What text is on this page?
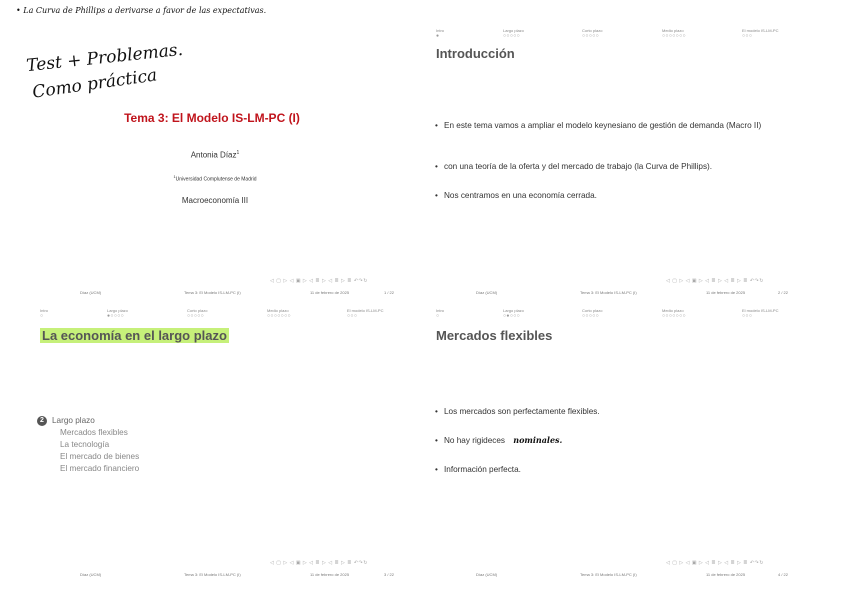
• La Curva de Phillips a derivarse a favor de las expectativas.
Test + Problemas.
Como práctica
Tema 3: El Modelo IS-LM-PC (I)
Antonia Díaz$^1$
$^1$Universidad Complutense de Madrid
Macroeconomía III
◁ ▢ ▷ ◁ ▣ ▷ ◁ ≣ ▷ ◁ ≣ ▷ ≣ ↶↷↻
Díaz (UCM)	Tema 3: El Modelo IS-LM-PC (I)	11 de febrero de 2025	1 / 22
Intro
●
Largo plazo
○○○○○
Corto plazo
○○○○○
Medio plazo
○○○○○○○
El modelo IS-LM-PC
○○○
Introducción
• En este tema vamos a ampliar el modelo keynesiano de gestión de demanda (Macro II)
• con una teoría de la oferta y del mercado de trabajo (la Curva de Phillips).
• Nos centramos en una economía cerrada.
◁ ▢ ▷ ◁ ▣ ▷ ◁ ≣ ▷ ◁ ≣ ▷ ≣ ↶↷↻
Díaz (UCM)	Tema 3: El Modelo IS-LM-PC (I)	11 de febrero de 2025	2 / 22
Intro
○
Largo plazo
●○○○○
Corto plazo
○○○○○
Medio plazo
○○○○○○○
El modelo IS-LM-PC
○○○
La economía en el largo plazo
2 Largo plazo
Mercados flexibles
La tecnología
El mercado de bienes
El mercado financiero
◁ ▢ ▷ ◁ ▣ ▷ ◁ ≣ ▷ ◁ ≣ ▷ ≣ ↶↷↻
Díaz (UCM)	Tema 3: El Modelo IS-LM-PC (I)	11 de febrero de 2025	3 / 22
Intro
○
Largo plazo
○●○○○
Corto plazo
○○○○○
Medio plazo
○○○○○○○
El modelo IS-LM-PC
○○○
Mercados flexibles
• Los mercados son perfectamente flexibles.
• No hay rigideces nominales.
• Información perfecta.
◁ ▢ ▷ ◁ ▣ ▷ ◁ ≣ ▷ ◁ ≣ ▷ ≣ ↶↷↻
Díaz (UCM)	Tema 3: El Modelo IS-LM-PC (I)	11 de febrero de 2025	4 / 22
